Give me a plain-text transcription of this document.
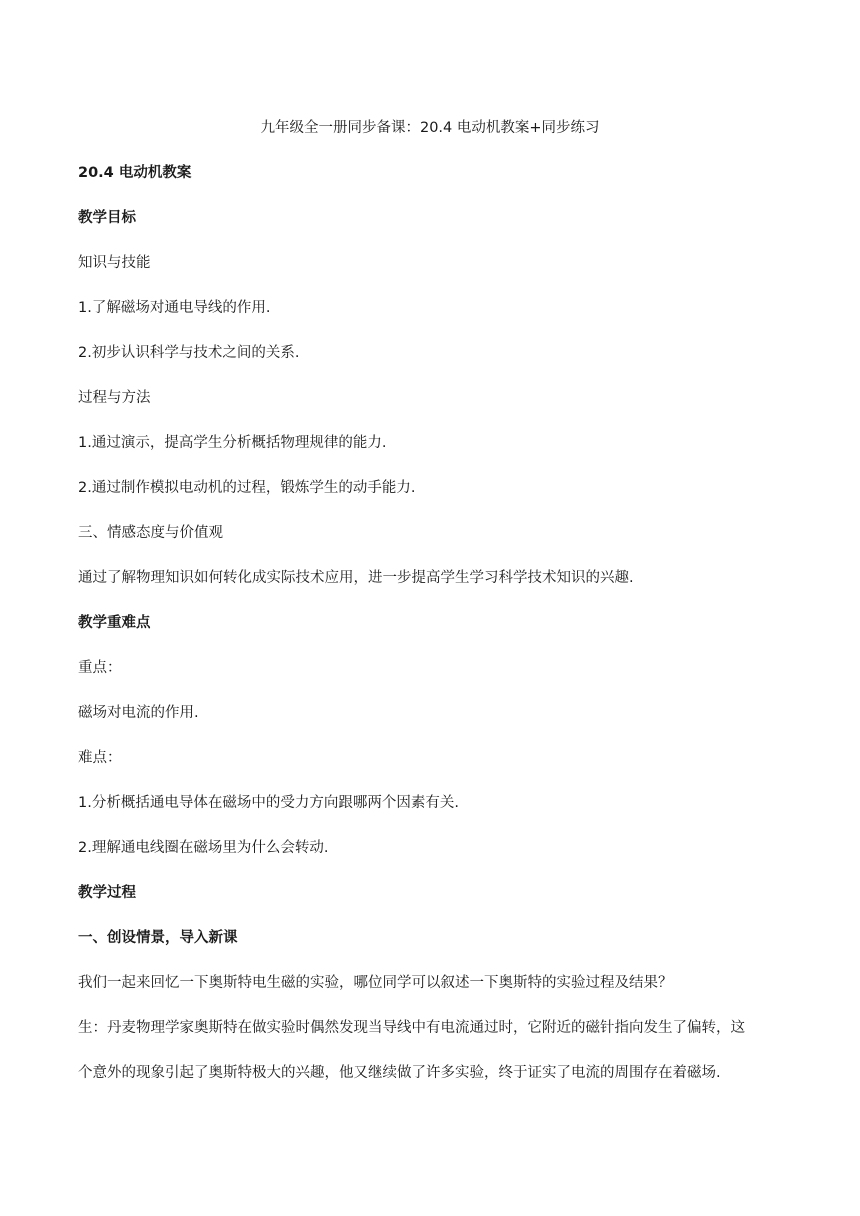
九年级全一册同步备课：20.4 电动机教案+同步练习
20.4 电动机教案
教学目标
知识与技能
1.了解磁场对通电导线的作用.
2.初步认识科学与技术之间的关系.
过程与方法
1.通过演示，提高学生分析概括物理规律的能力.
2.通过制作模拟电动机的过程，锻炼学生的动手能力.
三、情感态度与价值观
通过了解物理知识如何转化成实际技术应用，进一步提高学生学习科学技术知识的兴趣.
教学重难点
重点：
磁场对电流的作用.
难点：
1.分析概括通电导体在磁场中的受力方向跟哪两个因素有关.
2.理解通电线圈在磁场里为什么会转动.
教学过程
一、创设情景，导入新课
我们一起来回忆一下奥斯特电生磁的实验，哪位同学可以叙述一下奥斯特的实验过程及结果？
生：丹麦物理学家奥斯特在做实验时偶然发现当导线中有电流通过时，它附近的磁针指向发生了偏转，这
个意外的现象引起了奥斯特极大的兴趣，他又继续做了许多实验，终于证实了电流的周围存在着磁场.
